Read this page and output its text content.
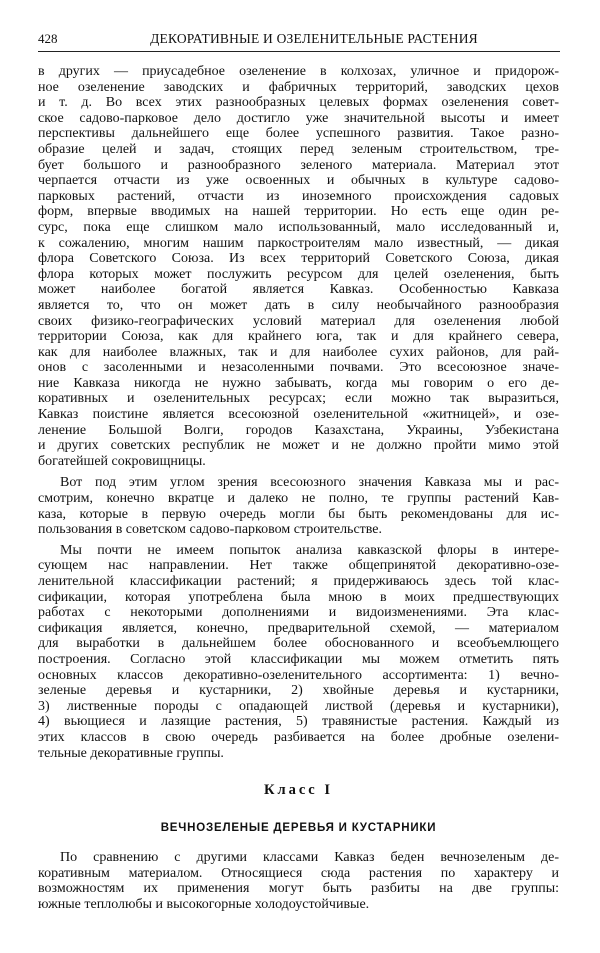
428	ДЕКОРАТИВНЫЕ И ОЗЕЛЕНИТЕЛЬНЫЕ РАСТЕНИЯ
в других — приусадебное озеленение в колхозах, уличное и придорож-
ное озеленение заводских и фабричных территорий, заводских цехов
и т. д. Во всех этих разнообразных целевых формах озеленения совет-
ское садово-парковое дело достигло уже значительной высоты и имеет
перспективы дальнейшего еще более успешного развития. Такое разно-
образие целей и задач, стоящих перед зеленым строительством, тре-
бует большого и разнообразного зеленого материала. Материал этот
черпается отчасти из уже освоенных и обычных в культуре садово-
парковых растений, отчасти из иноземного происхождения садовых
форм, впервые вводимых на нашей территории. Но есть еще один ре-
сурс, пока еще слишком мало использованный, мало исследованный и,
к сожалению, многим нашим паркостроителям мало известный, — дикая
флора Советского Союза. Из всех территорий Советского Союза, дикая
флора которых может послужить ресурсом для целей озеленения, быть
может наиболее богатой является Кавказ. Особенностью Кавказа
является то, что он может дать в силу необычайного разнообразия
своих физико-географических условий материал для озеленения любой
территории Союза, как для крайнего юга, так и для крайнего севера,
как для наиболее влажных, так и для наиболее сухих районов, для рай-
онов с засоленными и незасоленными почвами. Это всесоюзное значе-
ние Кавказа никогда не нужно забывать, когда мы говорим о его де-
коративных и озеленительных ресурсах; если можно так выразиться,
Кавказ поистине является всесоюзной озеленительной «житницей», и озе-
ленение Большой Волги, городов Казахстана, Украины, Узбекистана
и других советских республик не может и не должно пройти мимо этой
богатейшей сокровищницы.
Вот под этим углом зрения всесоюзного значения Кавказа мы и рас-
смотрим, конечно вкратце и далеко не полно, те группы растений Кав-
каза, которые в первую очередь могли бы быть рекомендованы для ис-
пользования в советском садово-парковом строительстве.
Мы почти не имеем попыток анализа кавказской флоры в интере-
сующем нас направлении. Нет также общепринятой декоративно-озе-
ленительной классификации растений; я придерживаюсь здесь той клас-
сификации, которая употреблена была мною в моих предшествующих
работах с некоторыми дополнениями и видоизменениями. Эта клас-
сификация является, конечно, предварительной схемой, — материалом
для выработки в дальнейшем более обоснованного и всеобъемлющего
построения. Согласно этой классификации мы можем отметить пять
основных классов декоративно-озеленительного ассортимента: 1) вечно-
зеленые деревья и кустарники, 2) хвойные деревья и кустарники,
3) лиственные породы с опадающей листвой (деревья и кустарники),
4) вьющиеся и лазящие растения, 5) травянистые растения. Каждый из
этих классов в свою очередь разбивается на более дробные озелени-
тельные декоративные группы.
Класс I
ВЕЧНОЗЕЛЕНЫЕ ДЕРЕВЬЯ И КУСТАРНИКИ
По сравнению с другими классами Кавказ беден вечнозеленым де-
коративным материалом. Относящиеся сюда растения по характеру и
возможностям их применения могут быть разбиты на две группы:
южные теплолюбы и высокогорные холодоустойчивые.
